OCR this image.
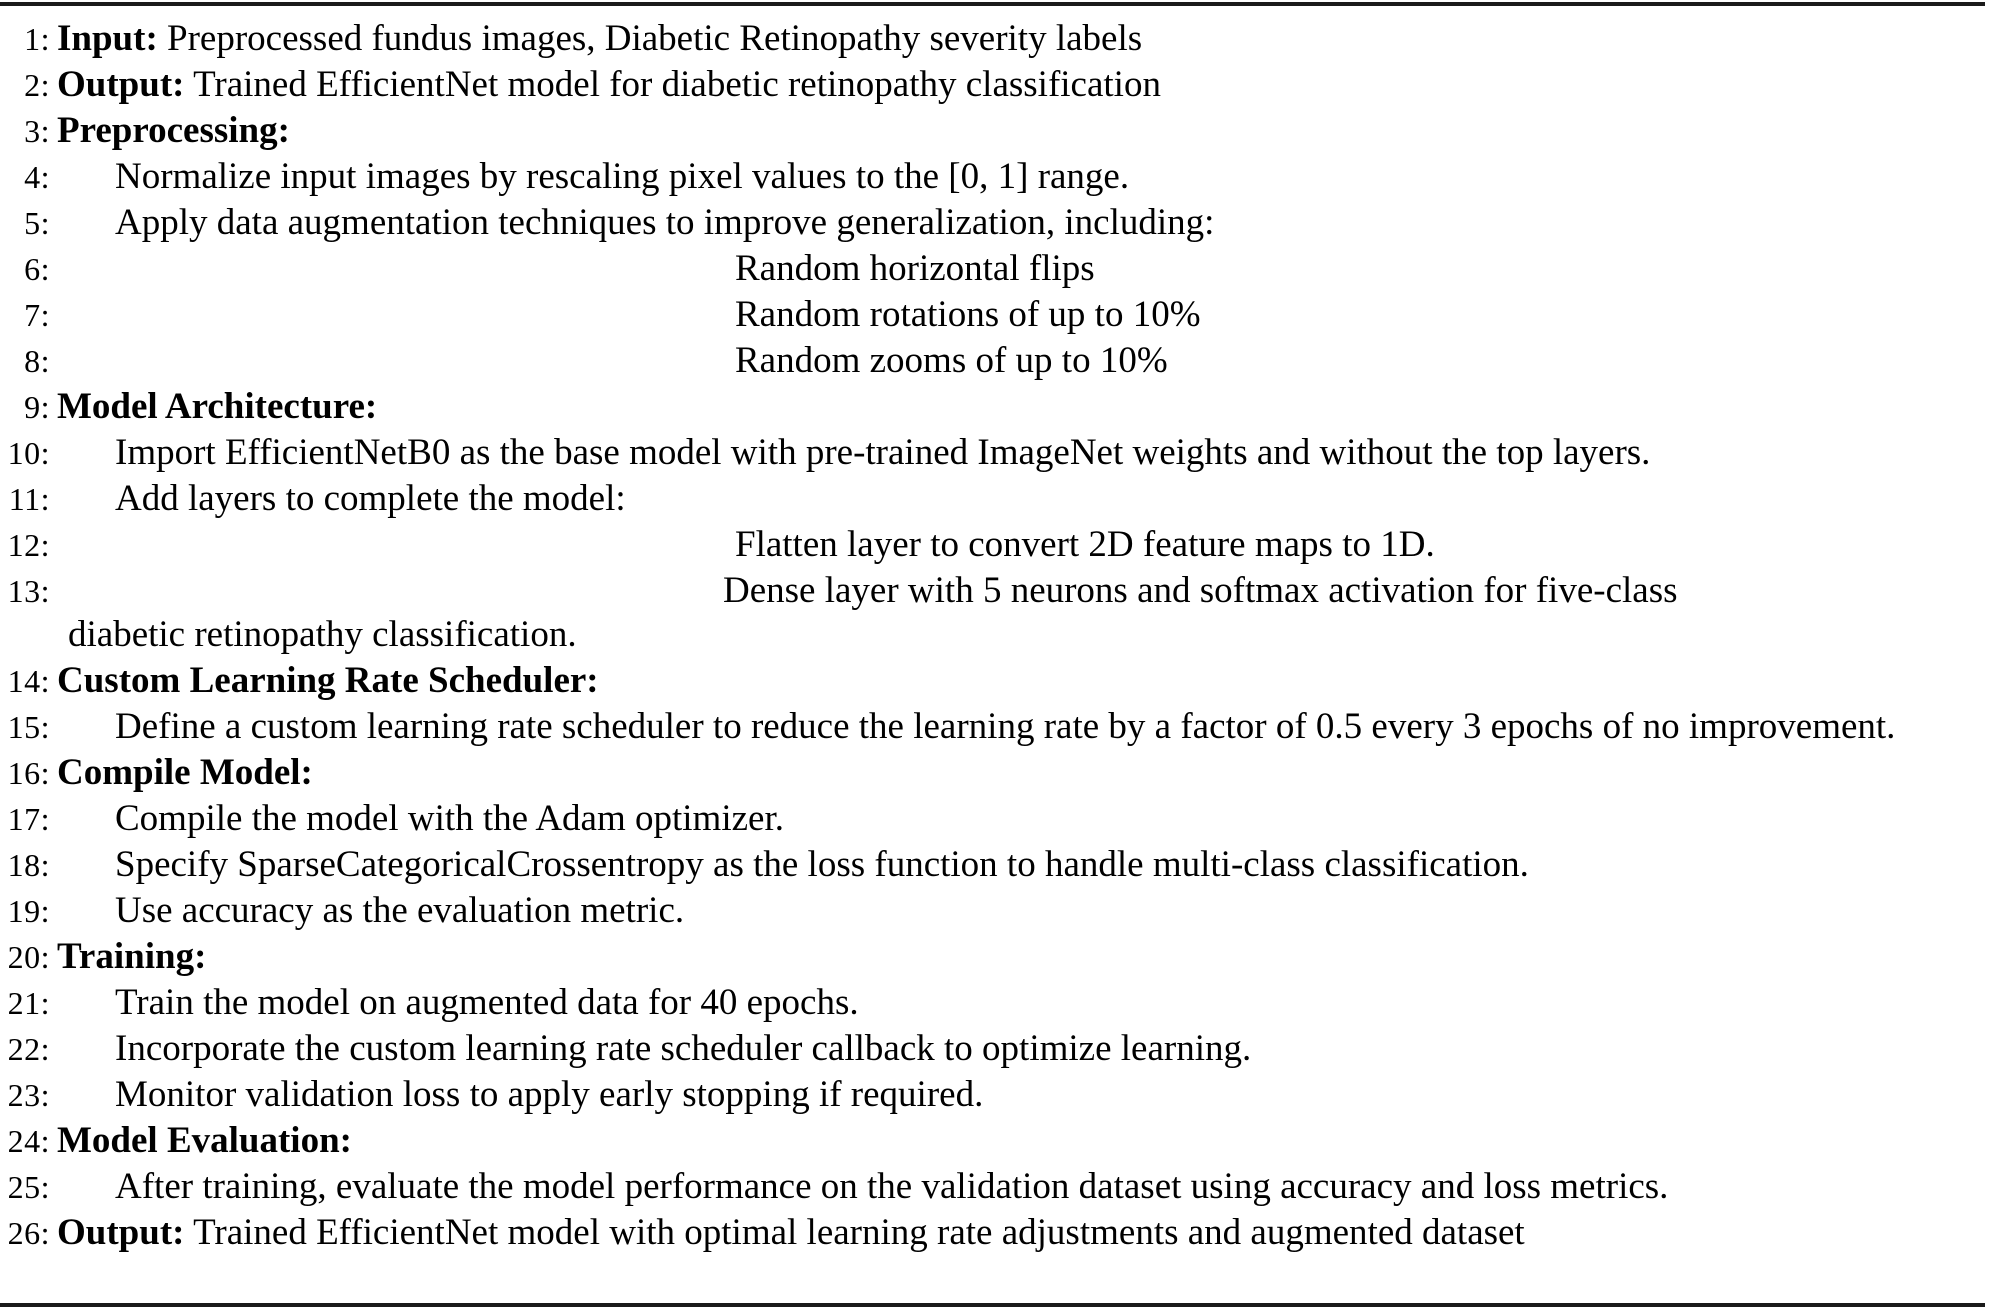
1: Input: Preprocessed fundus images, Diabetic Retinopathy severity labels
2: Output: Trained EfficientNet model for diabetic retinopathy classification
3: Preprocessing:
4:	Normalize input images by rescaling pixel values to the [0, 1] range.
5:	Apply data augmentation techniques to improve generalization, including:
6:	Random horizontal flips
7:	Random rotations of up to 10%
8:	Random zooms of up to 10%
9: Model Architecture:
10:	Import EfficientNetB0 as the base model with pre-trained ImageNet weights and without the top layers.
11:	Add layers to complete the model:
12:	Flatten layer to convert 2D feature maps to 1D.
13:	Dense layer with 5 neurons and softmax activation for five-class
diabetic retinopathy classification.
14: Custom Learning Rate Scheduler:
15:	Define a custom learning rate scheduler to reduce the learning rate by a factor of 0.5 every 3 epochs of no improvement.
16: Compile Model:
17:	Compile the model with the Adam optimizer.
18:	Specify SparseCategoricalCrossentropy as the loss function to handle multi-class classification.
19:	Use accuracy as the evaluation metric.
20: Training:
21:	Train the model on augmented data for 40 epochs.
22:	Incorporate the custom learning rate scheduler callback to optimize learning.
23:	Monitor validation loss to apply early stopping if required.
24: Model Evaluation:
25:	After training, evaluate the model performance on the validation dataset using accuracy and loss metrics.
26: Output: Trained EfficientNet model with optimal learning rate adjustments and augmented dataset
